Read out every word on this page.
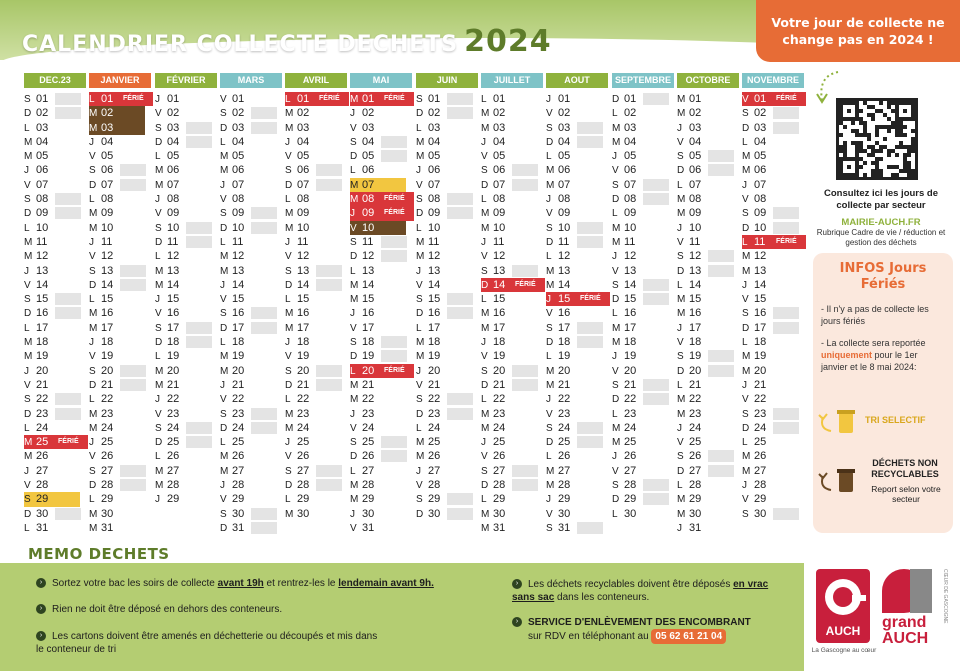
CALENDRIER COLLECTE DECHETS 2024
Votre jour de collecte ne change pas en 2024 !
DEC.23
S 01
D 02
L 03
M 04
M 05
J 06
V 07
S 08
D 09
L 10
M 11
M 12
J 13
V 14
S 15
D 16
L 17
M 18
M 19
J 20
V 21
S 22
D 23
L 24
M 25 FÉRIÉ
M 26
J 27
V 28
S 29
D 30
L 31
JANVIER
L 01 FÉRIÉ
M 02
M 03
J 04
V 05
S 06
D 07
L 08
M 09
M 10
J 11
V 12
S 13
D 14
L 15
M 16
M 17
J 18
V 19
S 20
D 21
L 22
M 23
M 24
J 25
V 26
S 27
D 28
L 29
M 30
M 31
FÉVRIER
J 01
V 02
S 03
D 04
L 05
M 06
M 07
J 08
V 09
S 10
D 11
L 12
M 13
M 14
J 15
V 16
S 17
D 18
L 19
M 20
M 21
J 22
V 23
S 24
D 25
L 26
M 27
M 28
J 29
MARS
V 01
S 02
D 03
L 04
M 05
M 06
J 07
V 08
S 09
D 10
L 11
M 12
M 13
J 14
V 15
S 16
D 17
L 18
M 19
M 20
J 21
V 22
S 23
D 24
L 25
M 26
M 27
J 28
V 29
S 30
D 31
AVRIL
L 01 FÉRIÉ
M 02
M 03
J 04
V 05
S 06
D 07
L 08
M 09
M 10
J 11
V 12
S 13
D 14
L 15
M 16
M 17
J 18
V 19
S 20
D 21
L 22
M 23
M 24
J 25
V 26
S 27
D 28
L 29
M 30
MAI
M 01 FÉRIÉ
J 02
V 03
S 04
D 05
L 06
M 07
M 08 FÉRIÉ
J 09 FÉRIÉ
V 10
S 11
D 12
L 13
M 14
M 15
J 16
V 17
S 18
D 19
L 20 FÉRIÉ
M 21
M 22
J 23
V 24
S 25
D 26
L 27
M 28
M 29
J 30
V 31
JUIN
S 01
D 02
L 03
M 04
M 05
J 06
V 07
S 08
D 09
L 10
M 11
M 12
J 13
V 14
S 15
D 16
L 17
M 18
M 19
J 20
V 21
S 22
D 23
L 24
M 25
M 26
J 27
V 28
S 29
D 30
JUILLET
L 01
M 02
M 03
J 04
V 05
S 06
D 07
L 08
M 09
M 10
J 11
V 12
S 13
D 14 FÉRIÉ
L 15
M 16
M 17
J 18
V 19
S 20
D 21
L 22
M 23
M 24
J 25
V 26
S 27
D 28
L 29
M 30
M 31
AOUT
J 01
V 02
S 03
D 04
L 05
M 06
M 07
J 08
V 09
S 10
D 11
L 12
M 13
M 14
J 15 FÉRIÉ
V 16
S 17
D 18
L 19
M 20
M 21
J 22
V 23
S 24
D 25
L 26
M 27
M 28
J 29
V 30
S 31
SEPTEMBRE
D 01
L 02
M 03
M 04
J 05
V 06
S 07
D 08
L 09
M 10
M 11
J 12
V 13
S 14
D 15
L 16
M 17
M 18
J 19
V 20
S 21
D 22
L 23
M 24
M 25
J 26
V 27
S 28
D 29
L 30
OCTOBRE
M 01
M 02
J 03
V 04
S 05
D 06
L 07
M 08
M 09
J 10
V 11
S 12
D 13
L 14
M 15
M 16
J 17
V 18
S 19
D 20
L 21
M 22
M 23
J 24
V 25
S 26
D 27
L 28
M 29
M 30
J 31
NOVEMBRE
V 01 FÉRIÉ
S 02
D 03
L 04
M 05
M 06
J 07
V 08
S 09
D 10
L 11 FÉRIÉ
M 12
M 13
J 14
V 15
S 16
D 17
L 18
M 19
M 20
J 21
V 22
S 23
D 24
L 25
M 26
M 27
J 28
V 29
S 30
Consultez ici les jours de collecte par secteur
MAIRIE-AUCH.FR
Rubrique Cadre de vie / réduction et gestion des déchets
INFOS Jours Fériés

- Il n'y a pas de collecte les jours fériés

- La collecte sera reportée uniquement pour le 1er janvier et le 8 mai 2024:

TRI SELECTIF
DÉCHETS NON RECYCLABLES
Report selon votre secteur
MEMO DECHETS
› Sortez votre bac les soirs de collecte avant 19h et rentrez-les le lendemain avant 9h.
› Rien ne doit être déposé en dehors des conteneurs.
› Les cartons doivent être amenés en déchetterie ou découpés et mis dans le conteneur de tri
› Les déchets recyclables doivent être déposés en vrac sans sac dans les conteneurs.
› SERVICE D'ENLÈVEMENT DES ENCOMBRANT
sur RDV en téléphonant au 05 62 61 21 04	AUCH
La Gascogne au cœur
CŒUR DE GASCOGNE
grand
AUCH
